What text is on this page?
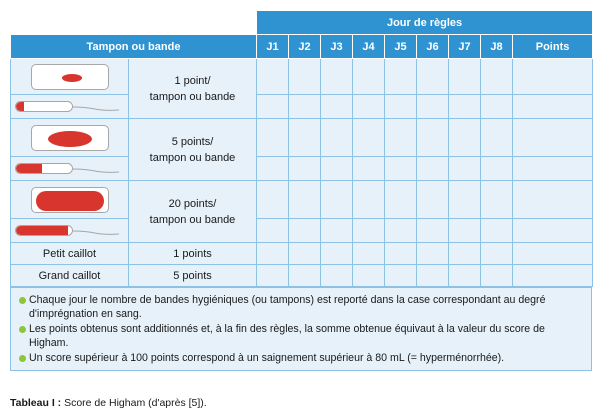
		Jour de règles								
Tampon ou bande		J1	J2	J3	J4	J5	J6	J7	J8	Points

	1 point/
tampon ou bande									

	5 points/
tampon ou bande									

	20 points/
tampon ou bande									

Petit caillot	1 points									
Grand caillot	5 points									
Chaque jour le nombre de bandes hygiéniques (ou tampons) est reporté dans la case correspondant au degré d'imprégnation en sang.
Les points obtenus sont additionnés et, à la fin des règles, la somme obtenue équivaut à la valeur du score de Higham.
Un score supérieur à 100 points correspond à un saignement supérieur à 80 mL (= hyperménorrhée).
Tableau I : Score de Higham (d'après [5]).
